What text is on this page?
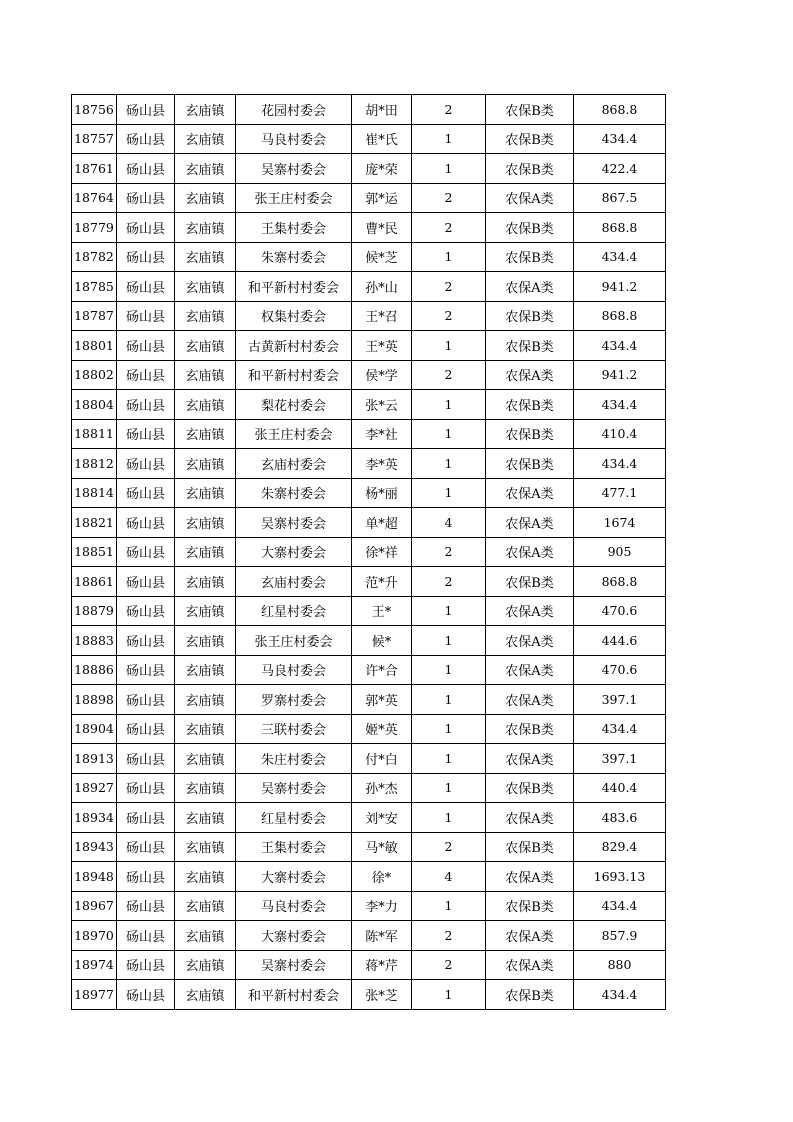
18756	砀山县	玄庙镇	花园村委会	胡*田	2	农保B类	868.8
18757	砀山县	玄庙镇	马良村委会	崔*氏	1	农保B类	434.4
18761	砀山县	玄庙镇	吴寨村委会	庞*荣	1	农保B类	422.4
18764	砀山县	玄庙镇	张王庄村委会	郭*运	2	农保A类	867.5
18779	砀山县	玄庙镇	王集村委会	曹*民	2	农保B类	868.8
18782	砀山县	玄庙镇	朱寨村委会	候*芝	1	农保B类	434.4
18785	砀山县	玄庙镇	和平新村村委会	孙*山	2	农保A类	941.2
18787	砀山县	玄庙镇	权集村委会	王*召	2	农保B类	868.8
18801	砀山县	玄庙镇	古黄新村村委会	王*英	1	农保B类	434.4
18802	砀山县	玄庙镇	和平新村村委会	侯*学	2	农保A类	941.2
18804	砀山县	玄庙镇	梨花村委会	张*云	1	农保B类	434.4
18811	砀山县	玄庙镇	张王庄村委会	李*社	1	农保B类	410.4
18812	砀山县	玄庙镇	玄庙村委会	李*英	1	农保B类	434.4
18814	砀山县	玄庙镇	朱寨村委会	杨*丽	1	农保A类	477.1
18821	砀山县	玄庙镇	吴寨村委会	单*超	4	农保A类	1674
18851	砀山县	玄庙镇	大寨村委会	徐*祥	2	农保A类	905
18861	砀山县	玄庙镇	玄庙村委会	范*升	2	农保B类	868.8
18879	砀山县	玄庙镇	红星村委会	王*	1	农保A类	470.6
18883	砀山县	玄庙镇	张王庄村委会	候*	1	农保A类	444.6
18886	砀山县	玄庙镇	马良村委会	许*合	1	农保A类	470.6
18898	砀山县	玄庙镇	罗寨村委会	郭*英	1	农保A类	397.1
18904	砀山县	玄庙镇	三联村委会	姬*英	1	农保B类	434.4
18913	砀山县	玄庙镇	朱庄村委会	付*白	1	农保A类	397.1
18927	砀山县	玄庙镇	吴寨村委会	孙*杰	1	农保B类	440.4
18934	砀山县	玄庙镇	红星村委会	刘*安	1	农保A类	483.6
18943	砀山县	玄庙镇	王集村委会	马*敏	2	农保B类	829.4
18948	砀山县	玄庙镇	大寨村委会	徐*	4	农保A类	1693.13
18967	砀山县	玄庙镇	马良村委会	李*力	1	农保B类	434.4
18970	砀山县	玄庙镇	大寨村委会	陈*军	2	农保A类	857.9
18974	砀山县	玄庙镇	吴寨村委会	蒋*芹	2	农保A类	880
18977	砀山县	玄庙镇	和平新村村委会	张*芝	1	农保B类	434.4
